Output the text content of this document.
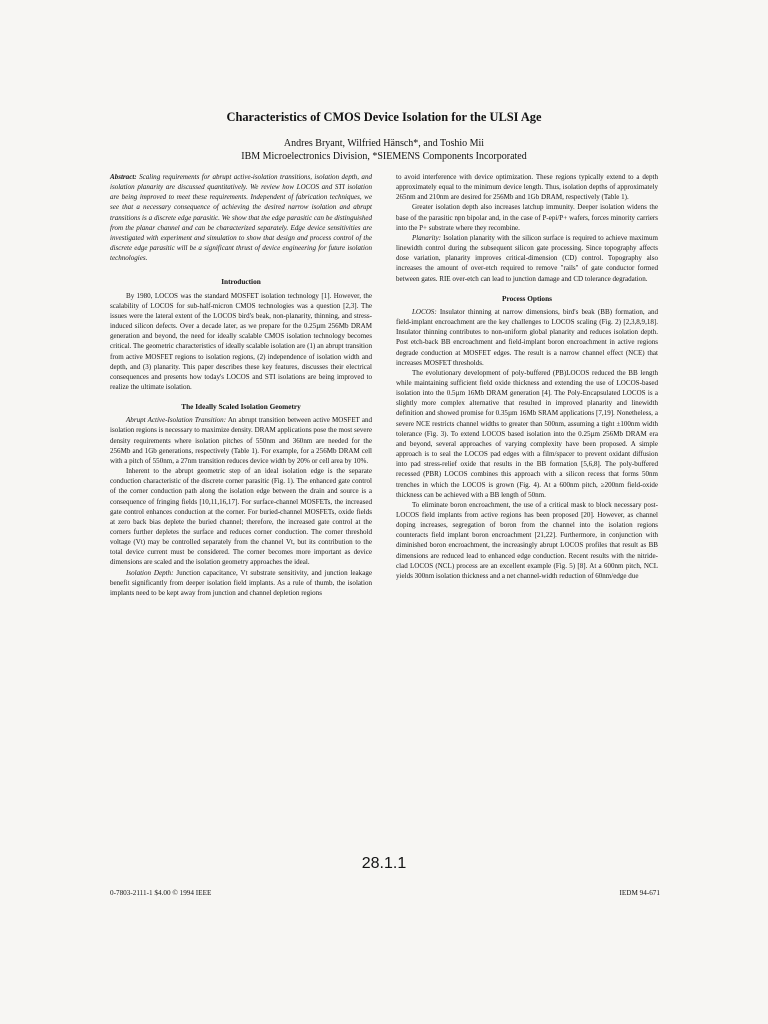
Characteristics of CMOS Device Isolation for the ULSI Age
Andres Bryant, Wilfried Hänsch*, and Toshio Mii
IBM Microelectronics Division, *SIEMENS Components Incorporated

Abstract: Scaling requirements for abrupt active-isolation transitions, isolation depth, and isolation planarity are discussed quantitatively. We review how LOCOS and STI isolation are being improved to meet these requirements. Independent of fabrication techniques, we see that a necessary consequence of achieving the desired narrow isolation and abrupt transitions is a discrete edge parasitic. We show that the edge parasitic can be distinguished from the planar channel and can be characterized separately. Edge device sensitivities are investigated with experiment and simulation to show that design and process control of the discrete edge parasitic will be a significant thrust of device engineering for future isolation technologies.

Introduction

By 1980, LOCOS was the standard MOSFET isolation technology [1]. However, the scalability of LOCOS for sub-half-micron CMOS technologies was a question [2,3]. The issues were the lateral extent of the LOCOS bird's beak, non-planarity, thinning, and stress-induced silicon defects. Over a decade later, as we prepare for the 0.25µm 256Mb DRAM generation and beyond, the need for ideally scalable CMOS isolation technology becomes critical. The geometric characteristics of ideally scalable isolation are (1) an abrupt transition from active MOSFET regions to isolation regions, (2) independence of isolation width and depth, and (3) planarity. This paper describes these key features, discusses their electrical consequences and presents how today's LOCOS and STI isolations are being improved to realize the ultimate isolation.

The Ideally Scaled Isolation Geometry

Abrupt Active-Isolation Transition: An abrupt transition between active MOSFET and isolation regions is necessary to maximize density. DRAM applications pose the most severe density requirements where isolation pitches of 550nm and 360nm are needed for the 256Mb and 1Gb generations, respectively (Table 1). For example, for a 256Mb DRAM cell with a pitch of 550nm, a 27nm transition reduces device width by 20% or cell area by 10%.

Inherent to the abrupt geometric step of an ideal isolation edge is the separate conduction characteristic of the discrete corner parasitic (Fig. 1). The enhanced gate control of the corner conduction path along the isolation edge between the drain and source is a consequence of fringing fields [10,11,16,17]. For surface-channel MOSFETs, the increased gate control enhances conduction at the corner. For buried-channel MOSFETs, oxide fields at zero back bias deplete the buried channel; therefore, the increased gate control at the corners further depletes the surface and reduces corner conduction. The corner threshold voltage (Vt) may be controlled separately from the channel Vt, but its contribution to the total device current must be considered. The corner becomes more important as device dimensions are scaled and the isolation geometry approaches the ideal.

Isolation Depth: Junction capacitance, Vt substrate sensitivity, and junction leakage benefit significantly from deeper isolation field implants. As a rule of thumb, the isolation implants need to be kept away from junction and channel depletion regions

to avoid interference with device optimization. These regions typically extend to a depth approximately equal to the minimum device length. Thus, isolation depths of approximately 265nm and 210nm are desired for 256Mb and 1Gb DRAM, respectively (Table 1).

Greater isolation depth also increases latchup immunity. Deeper isolation widens the base of the parasitic npn bipolar and, in the case of P-epi/P+ wafers, forces minority carriers into the P+ substrate where they recombine.

Planarity: Isolation planarity with the silicon surface is required to achieve maximum linewidth control during the subsequent silicon gate processing. Since topography affects dose variation, planarity improves critical-dimension (CD) control. Topography also increases the amount of over-etch required to remove "rails" of gate conductor formed between gates. RIE over-etch can lead to junction damage and CD tolerance degradation.

Process Options

LOCOS: Insulator thinning at narrow dimensions, bird's beak (BB) formation, and field-implant encroachment are the key challenges to LOCOS scaling (Fig. 2) [2,3,8,9,18]. Insulator thinning contributes to non-uniform global planarity and reduces isolation depth. Post etch-back BB encroachment and field-implant boron encroachment in active regions degrade conduction at MOSFET edges. The result is a narrow channel effect (NCE) that increases MOSFET thresholds.

The evolutionary development of poly-buffered (PB)LOCOS reduced the BB length while maintaining sufficient field oxide thickness and extending the use of LOCOS-based isolation into the 0.5µm 16Mb DRAM generation [4]. The Poly-Encapsulated LOCOS is a slightly more complex alternative that resulted in improved planarity and linewidth definition and showed promise for 0.35µm 16Mb SRAM applications [7,19]. Nonetheless, a severe NCE restricts channel widths to greater than 500nm, assuming a tight ±100nm width tolerance (Fig. 3). To extend LOCOS based isolation into the 0.25µm 256Mb DRAM era and beyond, several approaches of varying complexity have been proposed. A simple approach is to seal the LOCOS pad edges with a film/spacer to prevent oxidant diffusion into pad stress-relief oxide that results in the BB formation [5,6,8]. The poly-buffered recessed (PBR) LOCOS combines this approach with a silicon recess that forms 50nm trenches in which the LOCOS is grown (Fig. 4). At a 600nm pitch, ≥200nm field-oxide thickness can be achieved with a BB length of 50nm.

To eliminate boron encroachment, the use of a critical mask to block necessary post-LOCOS field implants from active regions has been proposed [20]. However, as channel doping increases, segregation of boron from the channel into the isolation regions counteracts field implant boron encroachment [21,22]. Furthermore, in conjunction with diminished boron encroachment, the increasingly abrupt LOCOS profiles that result as BB dimensions are reduced lead to enhanced edge conduction. Recent results with the nitride-clad LOCOS (NCL) process are an excellent example (Fig. 5) [8]. At a 600nm pitch, NCL yields 300nm isolation thickness and a net channel-width reduction of 60nm/edge due

28.1.1
0-7803-2111-1 $4.00 © 1994 IEEE	IEDM 94-671
